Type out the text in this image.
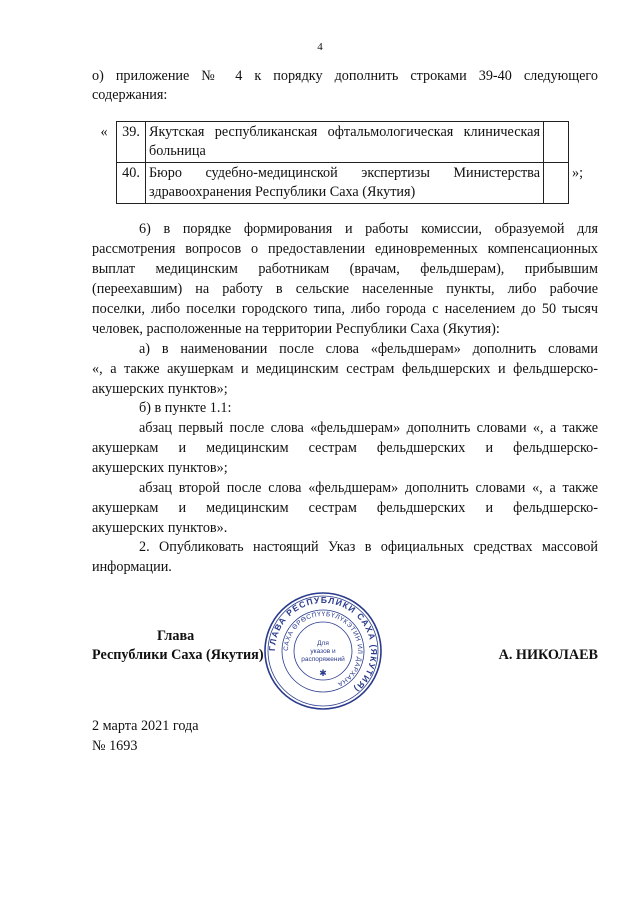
4

о) приложение № 4 к порядку дополнить строками 39-40 следующего

содержания:

«	39.	Якутская республиканская офтальмологическая клиническая
больница		

	40.	Бюро судебно-медицинской экспертизы Министерства
здравоохранения Республики Саха (Якутия)		»;

6) в порядке формирования и работы комиссии, образуемой для

рассмотрения вопросов о предоставлении единовременных компенсационных

выплат медицинским работникам (врачам, фельдшерам), прибывшим

(переехавшим) на работу в сельские населенные пункты, либо рабочие

поселки, либо поселки городского типа, либо города с населением до 50 тысяч

человек, расположенные на территории Республики Саха (Якутия):

а) в наименовании после слова «фельдшерам» дополнить словами

«, а также акушеркам и медицинским сестрам фельдшерских и фельдшерско-

акушерских пунктов»;

б) в пункте 1.1:

абзац первый после слова «фельдшерам» дополнить словами «, а также

акушеркам и медицинским сестрам фельдшерских и фельдшерско-

акушерских пунктов»;

абзац второй после слова «фельдшерам» дополнить словами «, а также

акушеркам и медицинским сестрам фельдшерских и фельдшерско-

акушерских пунктов».

2. Опубликовать настоящий Указ в официальных средствах массовой

информации.

Глава
Республики Саха (Якутия)	А. НИКОЛАЕВ
ГЛАВА РЕСПУБЛИКИ САХА (ЯКУТИЯ)
САХА ӨРӨСПҮҮБҮЛҮКЭТИН ИЛ ДАРХАНА
Для
указов и
распоряжений
✱
2 марта 2021 года
№ 1693
